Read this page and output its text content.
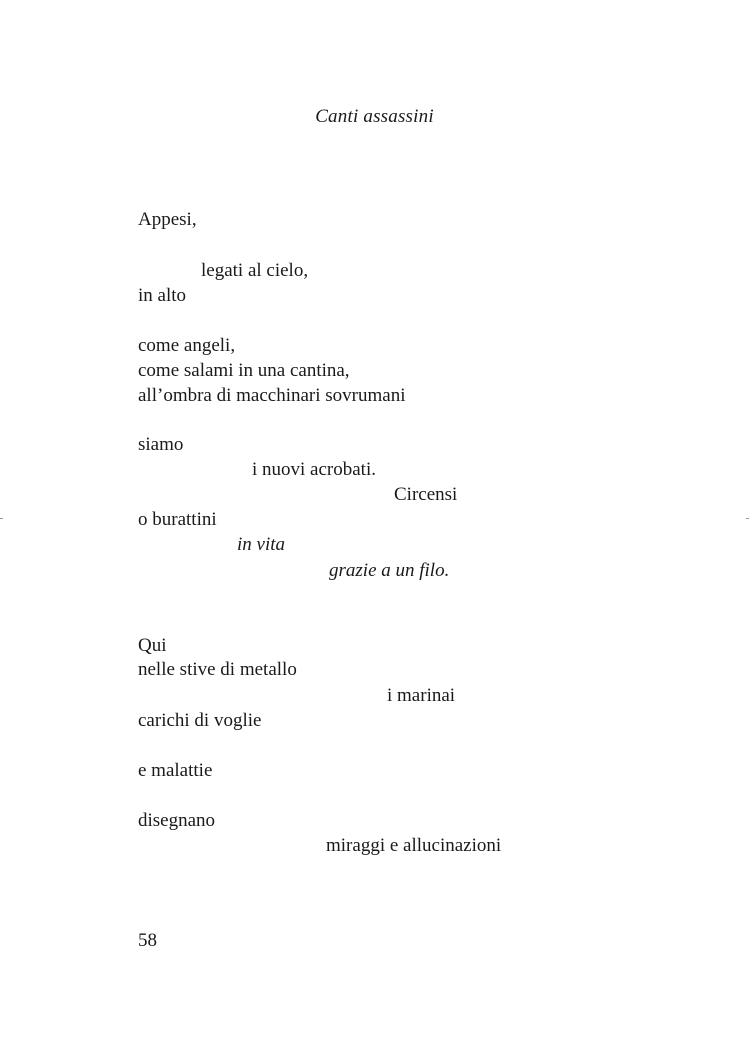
Canti assassini
Appesi,
legati al cielo,
in alto
come angeli,
come salami in una cantina,
all’ombra di macchinari sovrumani
siamo
i nuovi acrobati.
Circensi
o burattini
in vita
grazie a un filo.
Qui
nelle stive di metallo
i marinai
carichi di voglie
e malattie
disegnano
miraggi e allucinazioni
58
